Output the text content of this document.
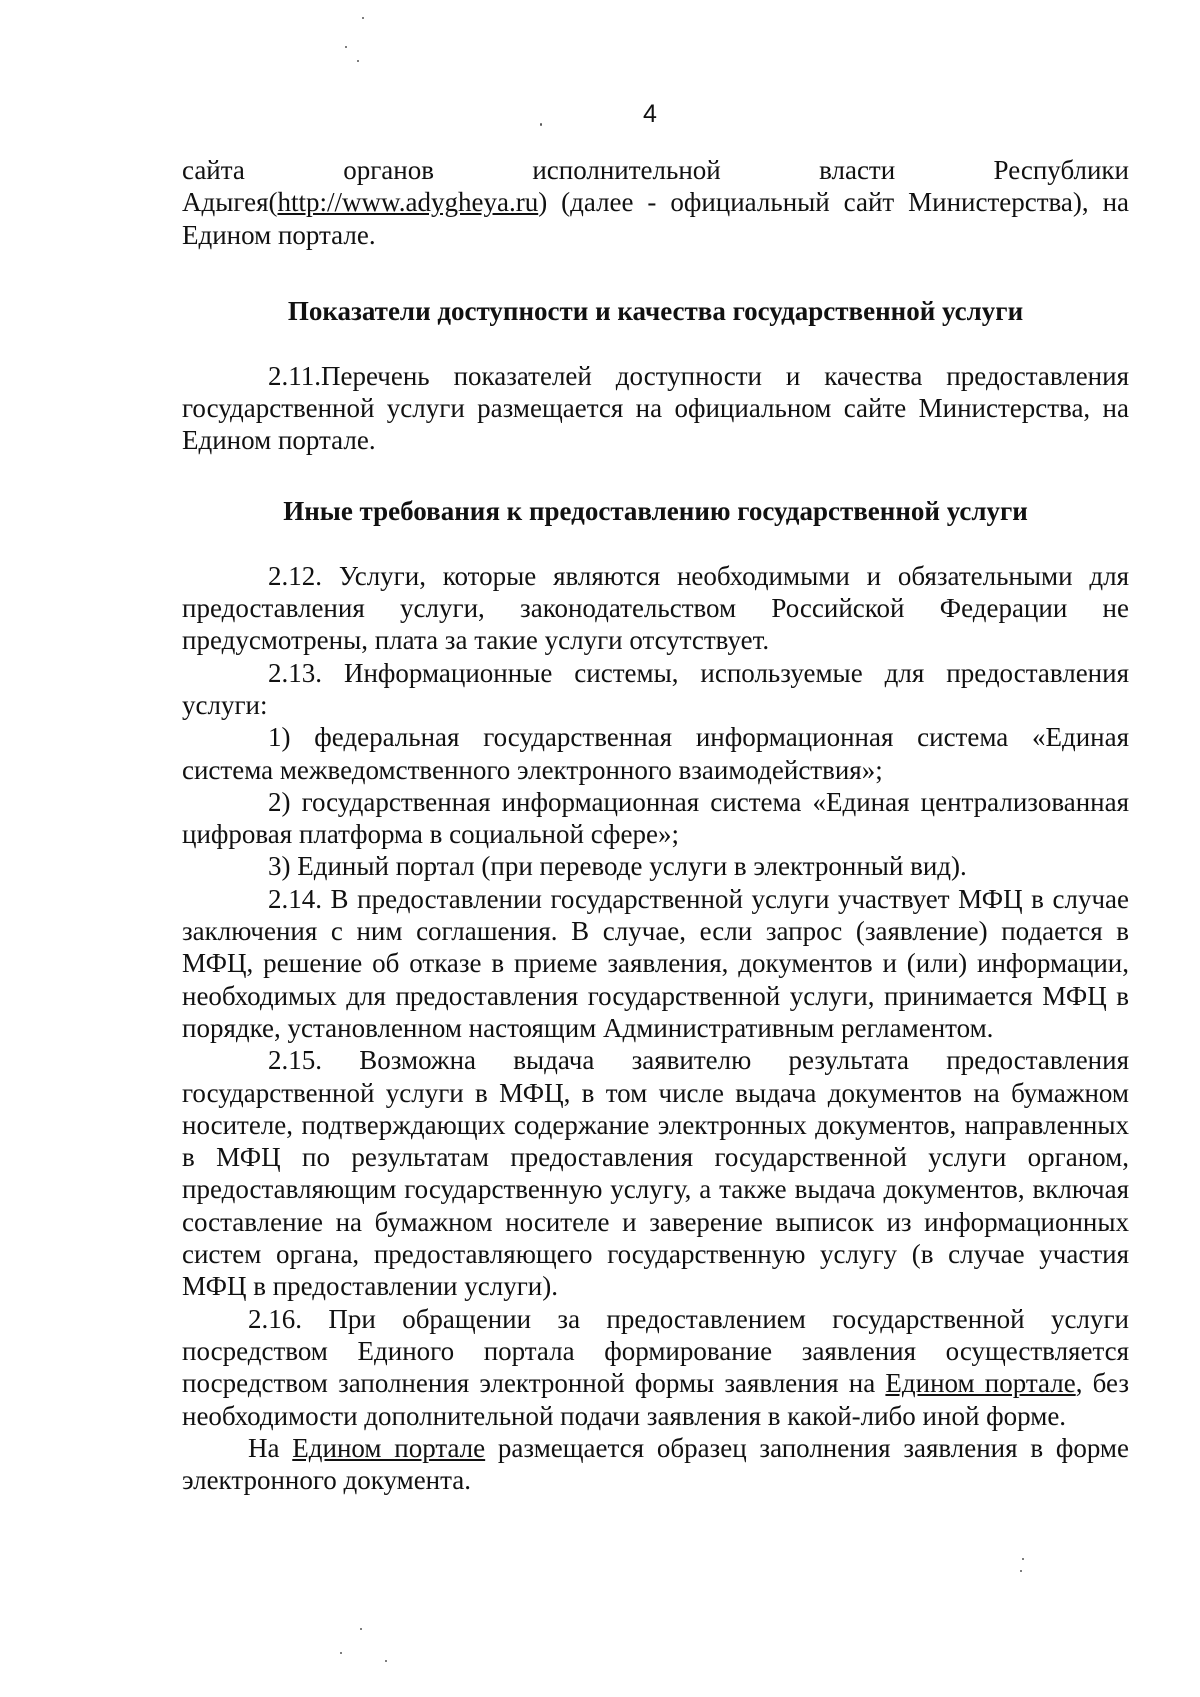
4

сайта органов исполнительной власти Республики Адыгея(http://www.adygheya.ru) (далее - официальный сайт Министерства), на Едином портале.

Показатели доступности и качества государственной услуги

2.11.Перечень показателей доступности и качества предоставления государственной услуги размещается на официальном сайте Министерства, на Едином портале.

Иные требования к предоставлению государственной услуги

2.12. Услуги, которые являются необходимыми и обязательными для предоставления услуги, законодательством Российской Федерации не предусмотрены, плата за такие услуги отсутствует.

2.13. Информационные системы, используемые для предоставления услуги:

1) федеральная государственная информационная система «Единая система межведомственного электронного взаимодействия»;

2) государственная информационная система «Единая централизованная цифровая платформа в социальной сфере»;

3) Единый портал (при переводе услуги в электронный вид).

2.14. В предоставлении государственной услуги участвует МФЦ в случае заключения с ним соглашения. В случае, если запрос (заявление) подается в МФЦ, решение об отказе в приеме заявления, документов и (или) информации, необходимых для предоставления государственной услуги, принимается МФЦ в порядке, установленном настоящим Административным регламентом.

2.15. Возможна выдача заявителю результата предоставления государственной услуги в МФЦ, в том числе выдача документов на бумажном носителе, подтверждающих содержание электронных документов, направленных в МФЦ по результатам предоставления государственной услуги органом, предоставляющим государственную услугу, а также выдача документов, включая составление на бумажном носителе и заверение выписок из информационных систем органа, предоставляющего государственную услугу (в случае участия МФЦ в предоставлении услуги).

2.16. При обращении за предоставлением государственной услуги посредством Единого портала формирование заявления осуществляется посредством заполнения электронной формы заявления на Едином портале, без необходимости дополнительной подачи заявления в какой-либо иной форме.

На Едином портале размещается образец заполнения заявления в форме электронного документа.
